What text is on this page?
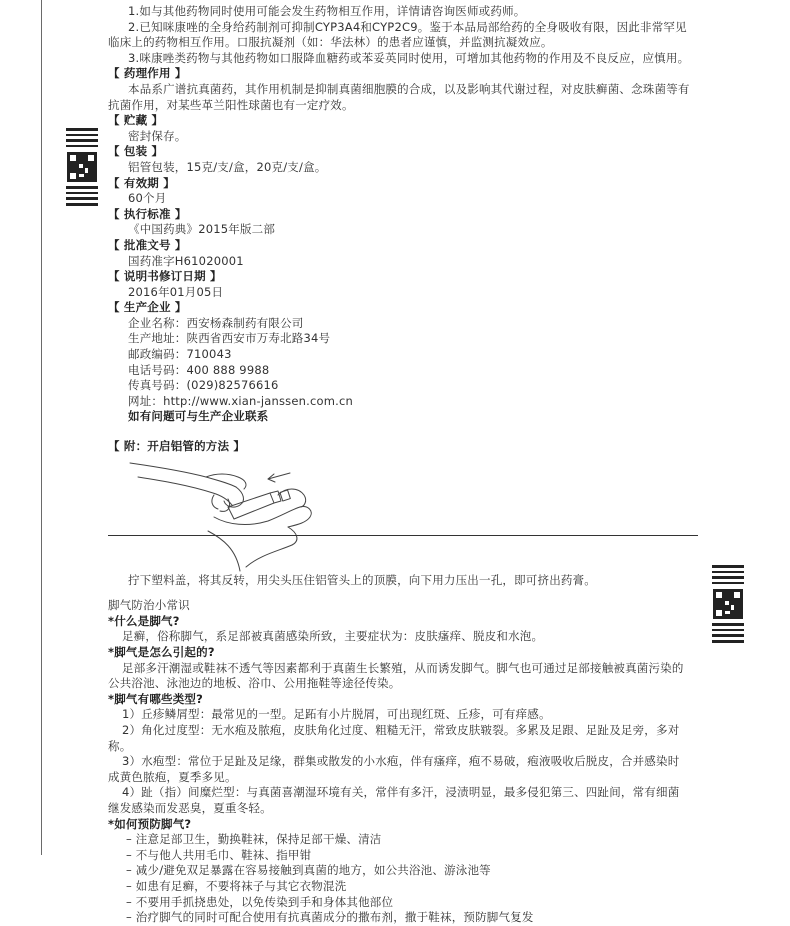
1.如与其他药物同时使用可能会发生药物相互作用，详情请咨询医师或药师。

2.已知咪康唑的全身给药制剂可抑制CYP3A4和CYP2C9。鉴于本品局部给药的全身吸收有限，因此非常罕见

临床上的药物相互作用。口服抗凝剂（如：华法林）的患者应谨慎，并监测抗凝效应。

3.咪康唑类药物与其他药物如口服降血糖药或苯妥英同时使用，可增加其他药物的作用及不良反应，应慎用。

【 药理作用 】

本品系广谱抗真菌药，其作用机制是抑制真菌细胞膜的合成，以及影响其代谢过程，对皮肤癣菌、念珠菌等有

抗菌作用，对某些革兰阳性球菌也有一定疗效。

【 贮藏 】

密封保存。

【 包装 】

铝管包装，15克/支/盒，20克/支/盒。

【 有效期 】

60个月

【 执行标准 】

《中国药典》2015年版二部

【 批准文号 】

国药准字H61020001

【 说明书修订日期 】

2016年01月05日

【 生产企业 】

企业名称：西安杨森制药有限公司

生产地址：陕西省西安市万寿北路34号

邮政编码：710043

电话号码：400 888 9988

传真号码：(029)82576616

网址：http://www.xian-janssen.com.cn

如有问题可与生产企业联系

【 附：开启铝管的方法 】

拧下塑料盖，将其反转，用尖头压住铝管头上的顶膜，向下用力压出一孔，即可挤出药膏。

脚气防治小常识

*什么是脚气?

足癣，俗称脚气，系足部被真菌感染所致，主要症状为：皮肤瘙痒、脱皮和水泡。

*脚气是怎么引起的?

足部多汗潮湿或鞋袜不透气等因素都利于真菌生长繁殖，从而诱发脚气。脚气也可通过足部接触被真菌污染的

公共浴池、泳池边的地板、浴巾、公用拖鞋等途径传染。

*脚气有哪些类型?

1）丘疹鳞屑型：最常见的一型。足跖有小片脱屑，可出现红斑、丘疹，可有痒感。

2）角化过度型：无水疱及脓疱，皮肤角化过度、粗糙无汗，常致皮肤皲裂。多累及足跟、足趾及足旁，多对

称。

3）水疱型：常位于足趾及足缘，群集或散发的小水疱，伴有瘙痒，疱不易破，疱液吸收后脱皮，合并感染时

成黄色脓疱，夏季多见。

4）趾（指）间糜烂型：与真菌喜潮湿环境有关，常伴有多汗，浸渍明显，最多侵犯第三、四趾间，常有细菌

继发感染而发恶臭，夏重冬轻。

*如何预防脚气?

– 注意足部卫生，勤换鞋袜，保持足部干燥、清洁

– 不与他人共用毛巾、鞋袜、指甲钳

– 减少/避免双足暴露在容易接触到真菌的地方，如公共浴池、游泳池等

– 如患有足癣，不要将袜子与其它衣物混洗

– 不要用手抓挠患处，以免传染到手和身体其他部位

– 治疗脚气的同时可配合使用有抗真菌成分的撒布剂，撒于鞋袜，预防脚气复发
